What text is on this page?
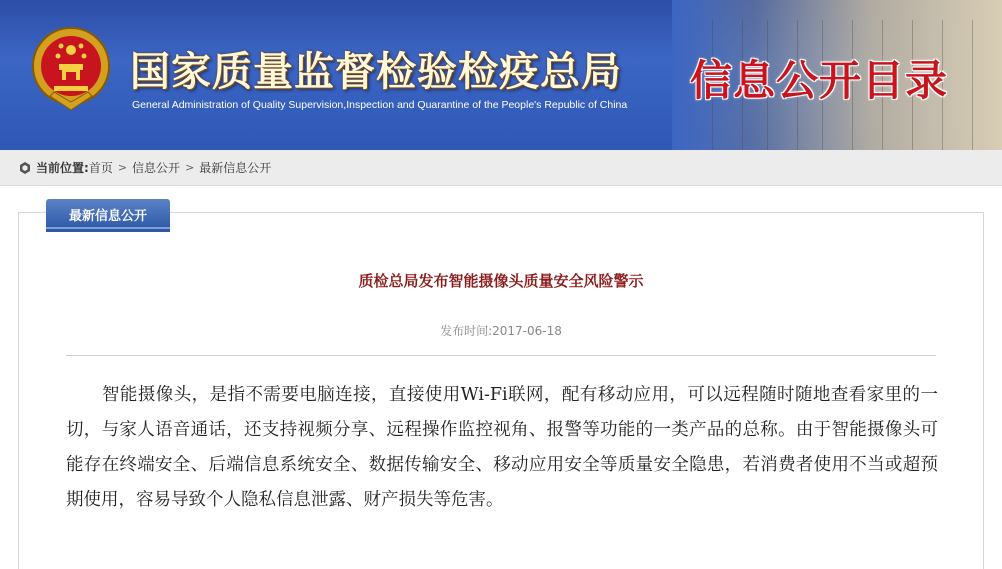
国家质量监督检验检疫总局
General Administration of Quality Supervision,Inspection and Quarantine of the People's Republic of China 信息公开目录
当前位置: 首页 > 信息公开 > 最新信息公开
最新信息公开
质检总局发布智能摄像头质量安全风险警示
发布时间:2017-06-18
智能摄像头，是指不需要电脑连接，直接使用Wi-Fi联网，配有移动应用，可以远程随时随地查看家里的一切，与家人语音通话，还支持视频分享、远程操作监控视角、报警等功能的一类产品的总称。由于智能摄像头可能存在终端安全、后端信息系统安全、数据传输安全、移动应用安全等质量安全隐患，若消费者使用不当或超预期使用，容易导致个人隐私信息泄露、财产损失等危害。
